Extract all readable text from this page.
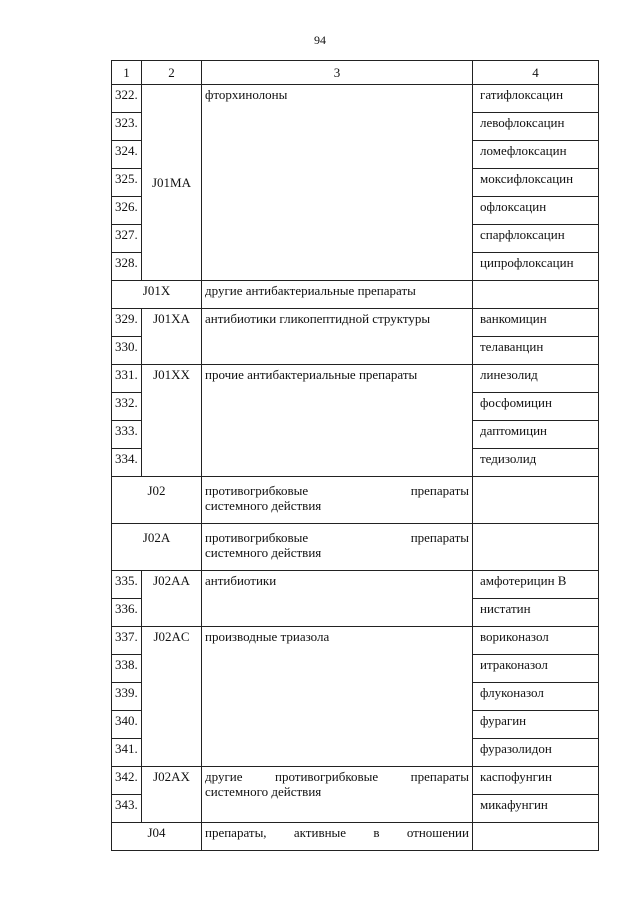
94
1	2	3	4
322.	J01MA	фторхинолоны	гатифлоксацин
323.			левофлоксацин
324.			ломефлоксацин
325.			моксифлоксацин
326.			офлоксацин
327.			спарфлоксацин
328.			ципрофлоксацин
J01X		другие антибактериальные препараты	
329.	J01XA	антибиотики гликопептидной структуры	ванкомицин
330.			телаванцин
331.	J01XX	прочие антибактериальные препараты	линезолид
332.			фосфомицин
333.			даптомицин
334.			тедизолид
J02		противогрибковые препараты
системного действия	

J02A		противогрибковые препараты
системного действия	

335.	J02AA	антибиотики	амфотерицин В
336.			нистатин
337.	J02AC	производные триазола	вориконазол
338.			итраконазол
339.			флуконазол
340.			фурагин
341.			фуразолидон
342.	J02AX	другие противогрибковые препараты
системного действия	каспофунгин
343.			микафунгин
J04		препараты, активные в отношении	
